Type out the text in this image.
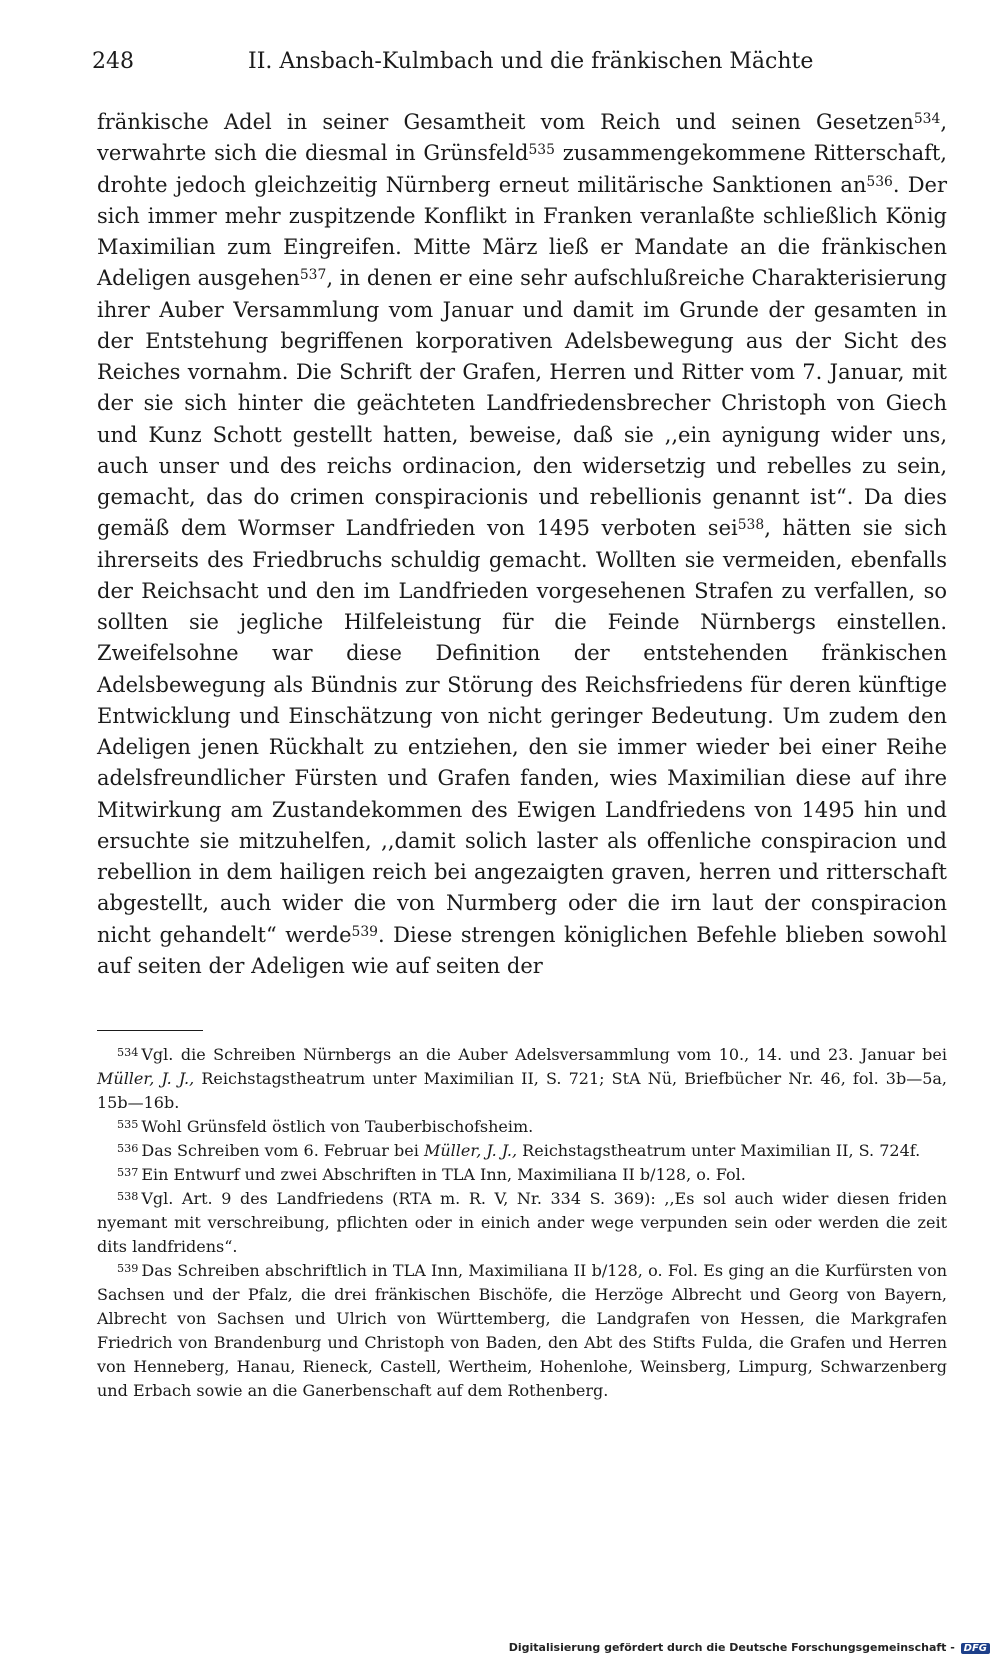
248	II. Ansbach-Kulmbach und die fränkischen Mächte
fränkische Adel in seiner Gesamtheit vom Reich und seinen Gesetzen$^{534}$, verwahrte sich die diesmal in Grünsfeld$^{535}$ zusammengekommene Ritterschaft, drohte jedoch gleichzeitig Nürnberg erneut militärische Sanktionen $an^{536}$. Der sich immer mehr zuspitzende Konflikt in Franken veranlaßte schließlich König Maximilian zum Eingreifen. Mitte März ließ er Mandate an die fränkischen Adeligen ausgehen$^{537}$, in denen er eine sehr aufschlußreiche Charakterisierung ihrer Auber Versammlung vom Januar und damit im Grunde der gesamten in der Entstehung begriffenen korporativen Adelsbewegung aus der Sicht des Reiches vornahm. Die Schrift der Grafen, Herren und Ritter vom 7. Januar, mit der sie sich hinter die geächteten Landfriedensbrecher Christoph von Giech und Kunz Schott gestellt hatten, beweise, daß sie ,,ein aynigung wider uns, auch unser und des reichs ordinacion, den widersetzig und rebelles zu sein, gemacht, das do crimen conspiracionis und rebellionis genannt ist“. Da dies gemäß dem Wormser Landfrieden von 1495 verboten sei$^{538}$, hätten sie sich ihrerseits des Friedbruchs schuldig gemacht. Wollten sie vermeiden, ebenfalls der Reichsacht und den im Landfrieden vorgesehenen Strafen zu verfallen, so sollten sie jegliche Hilfeleistung für die Feinde Nürnbergs einstellen. Zweifelsohne war diese Definition der entstehenden fränkischen Adelsbewegung als Bündnis zur Störung des Reichsfriedens für deren künftige Entwicklung und Einschätzung von nicht geringer Bedeutung. Um zudem den Adeligen jenen Rückhalt zu entziehen, den sie immer wieder bei einer Reihe adelsfreundlicher Fürsten und Grafen fanden, wies Maximilian diese auf ihre Mitwirkung am Zustandekommen des Ewigen Landfriedens von 1495 hin und ersuchte sie mitzuhelfen, ,,damit solich laster als offenliche conspiracion und rebellion in dem hailigen reich bei angezaigten graven, herren und ritterschaft abgestellt, auch wider die von Nurmberg oder die irn laut der conspiracion nicht gehandelt“ werde$^{539}$. Diese strengen königlichen Befehle blieben sowohl auf seiten der Adeligen wie auf seiten der

$^{534}$ Vgl. die Schreiben Nürnbergs an die Auber Adelsversammlung vom 10., 14. und 23. Januar bei Müller, J. J., Reichstagstheatrum unter Maximilian II, S. 721; StA Nü, Briefbücher Nr. 46, fol. 3b—5a, 15b—16b.

$^{535}$ Wohl Grünsfeld östlich von Tauberbischofsheim.

$^{536}$ Das Schreiben vom 6. Februar bei Müller, J. J., Reichstagstheatrum unter Maximilian II, S. 724f.

$^{537}$ Ein Entwurf und zwei Abschriften in TLA Inn, Maximiliana II b/128, o. Fol.

$^{538}$ Vgl. Art. 9 des Landfriedens (RTA m. R. V, Nr. 334 S. 369): ,,Es sol auch wider diesen friden nyemant mit verschreibung, pflichten oder in einich ander wege verpunden sein oder werden die zeit dits landfridens“.

$^{539}$ Das Schreiben abschriftlich in TLA Inn, Maximiliana II b/128, o. Fol. Es ging an die Kurfürsten von Sachsen und der Pfalz, die drei fränkischen Bischöfe, die Herzöge Albrecht und Georg von Bayern, Albrecht von Sachsen und Ulrich von Württemberg, die Landgrafen von Hessen, die Markgrafen Friedrich von Brandenburg und Christoph von Baden, den Abt des Stifts Fulda, die Grafen und Herren von Henneberg, Hanau, Rieneck, Castell, Wertheim, Hohenlohe, Weinsberg, Limpurg, Schwarzenberg und Erbach sowie an die Ganerbenschaft auf dem Rothenberg.

Digitalisierung gefördert durch die Deutsche Forschungsgemeinschaft - DFG
